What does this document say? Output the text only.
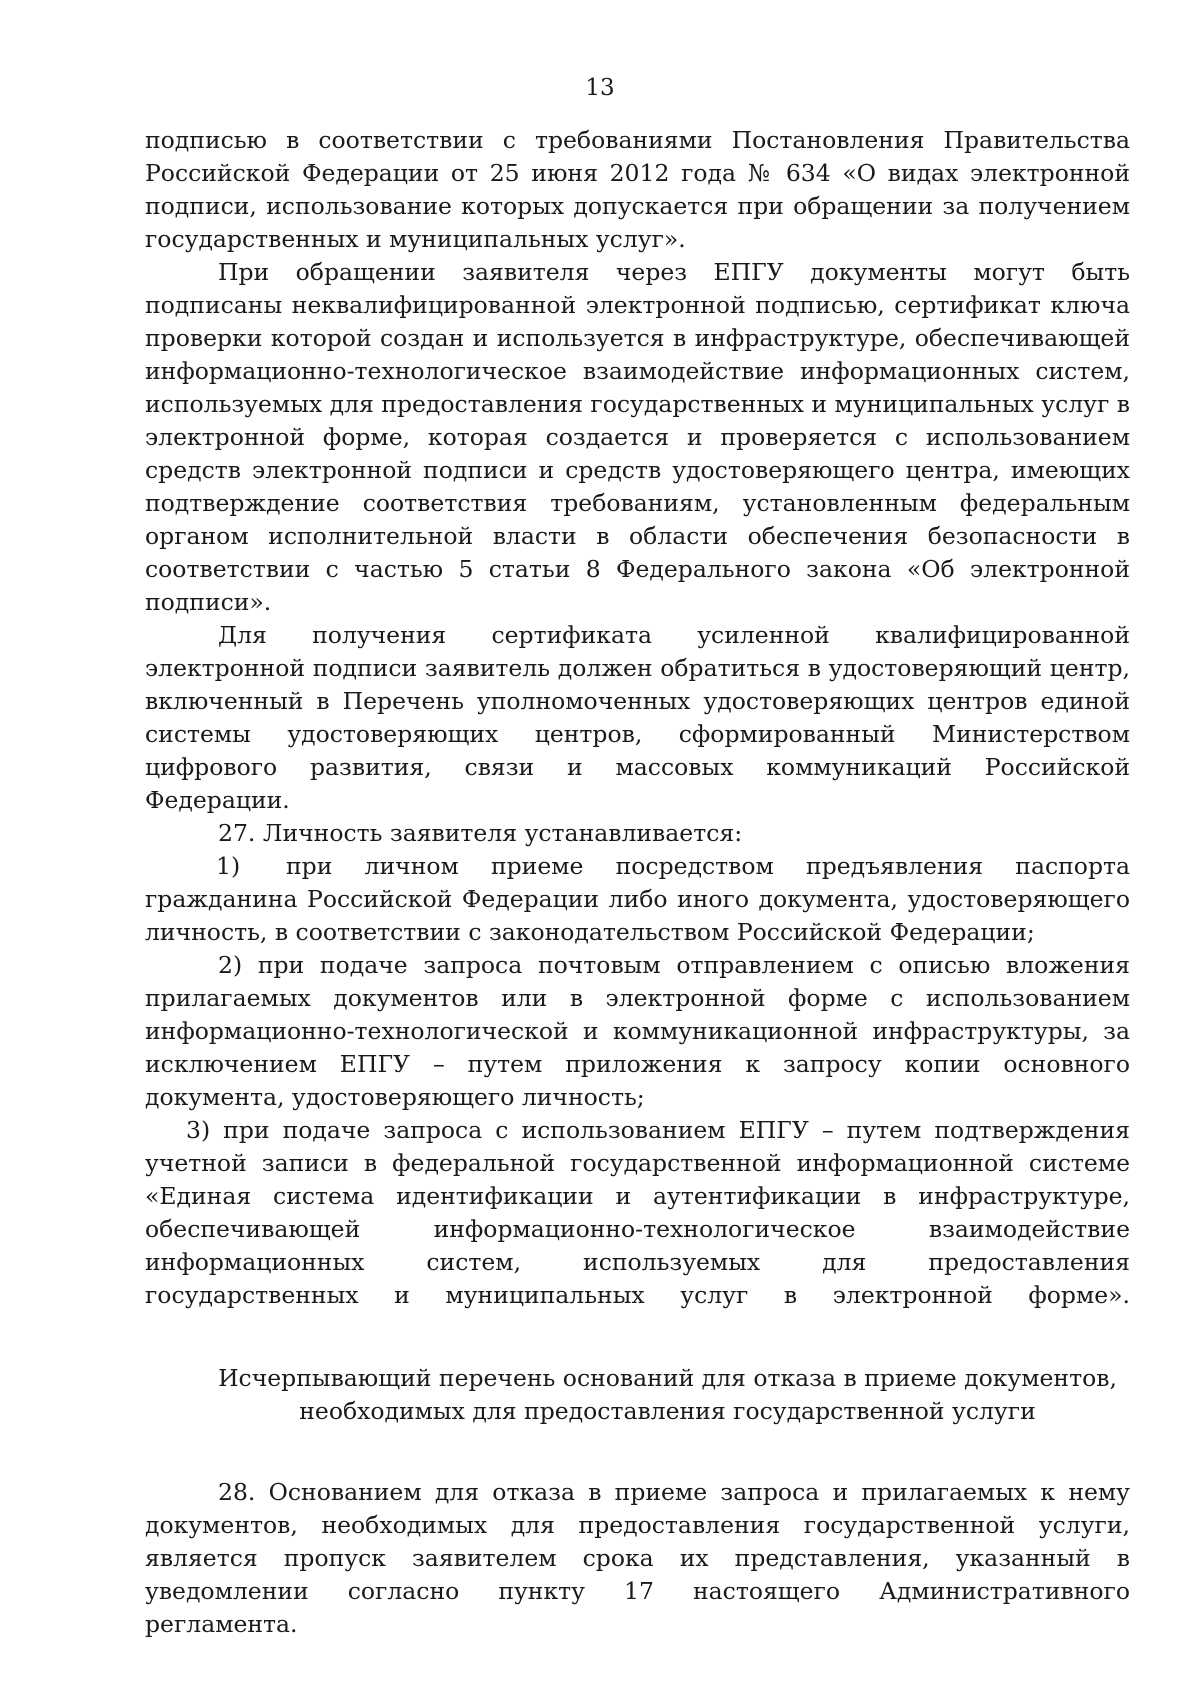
13

подписью в соответствии с требованиями Постановления Правительства Российской Федерации от 25 июня 2012 года № 634 «О видах электронной подписи, использование которых допускается при обращении за получением государственных и муниципальных услуг».

При обращении заявителя через ЕПГУ документы могут быть подписаны неквалифицированной электронной подписью, сертификат ключа проверки которой создан и используется в инфраструктуре, обеспечивающей информационно-технологическое взаимодействие информационных систем, используемых для предоставления государственных и муниципальных услуг в электронной форме, которая создается и проверяется с использованием средств электронной подписи и средств удостоверяющего центра, имеющих подтверждение соответствия требованиям, установленным федеральным органом исполнительной власти в области обеспечения безопасности в соответствии с частью 5 статьи 8 Федерального закона «Об электронной подписи».

Для получения сертификата усиленной квалифицированной электронной подписи заявитель должен обратиться в удостоверяющий центр, включенный в Перечень уполномоченных удостоверяющих центров единой системы удостоверяющих центров, сформированный Министерством цифрового развития, связи и массовых коммуникаций Российской Федерации.

27. Личность заявителя устанавливается:

1) при личном приеме посредством предъявления паспорта гражданина Российской Федерации либо иного документа, удостоверяющего личность, в соответствии с законодательством Российской Федерации;

2) при подаче запроса почтовым отправлением с описью вложения прилагаемых документов или в электронной форме с использованием информационно-технологической и коммуникационной инфраструктуры, за исключением ЕПГУ – путем приложения к запросу копии основного документа, удостоверяющего личность;

3) при подаче запроса с использованием ЕПГУ – путем подтверждения учетной записи в федеральной государственной информационной системе «Единая система идентификации и аутентификации в инфраструктуре, обеспечивающей информационно-технологическое взаимодействие информационных систем, используемых для предоставления государственных и муниципальных услуг в электронной форме».

Исчерпывающий перечень оснований для отказа в приеме документов,
необходимых для предоставления государственной услуги

28. Основанием для отказа в приеме запроса и прилагаемых к нему документов, необходимых для предоставления государственной услуги, является пропуск заявителем срока их представления, указанный в уведомлении согласно пункту 17 настоящего Административного регламента.
